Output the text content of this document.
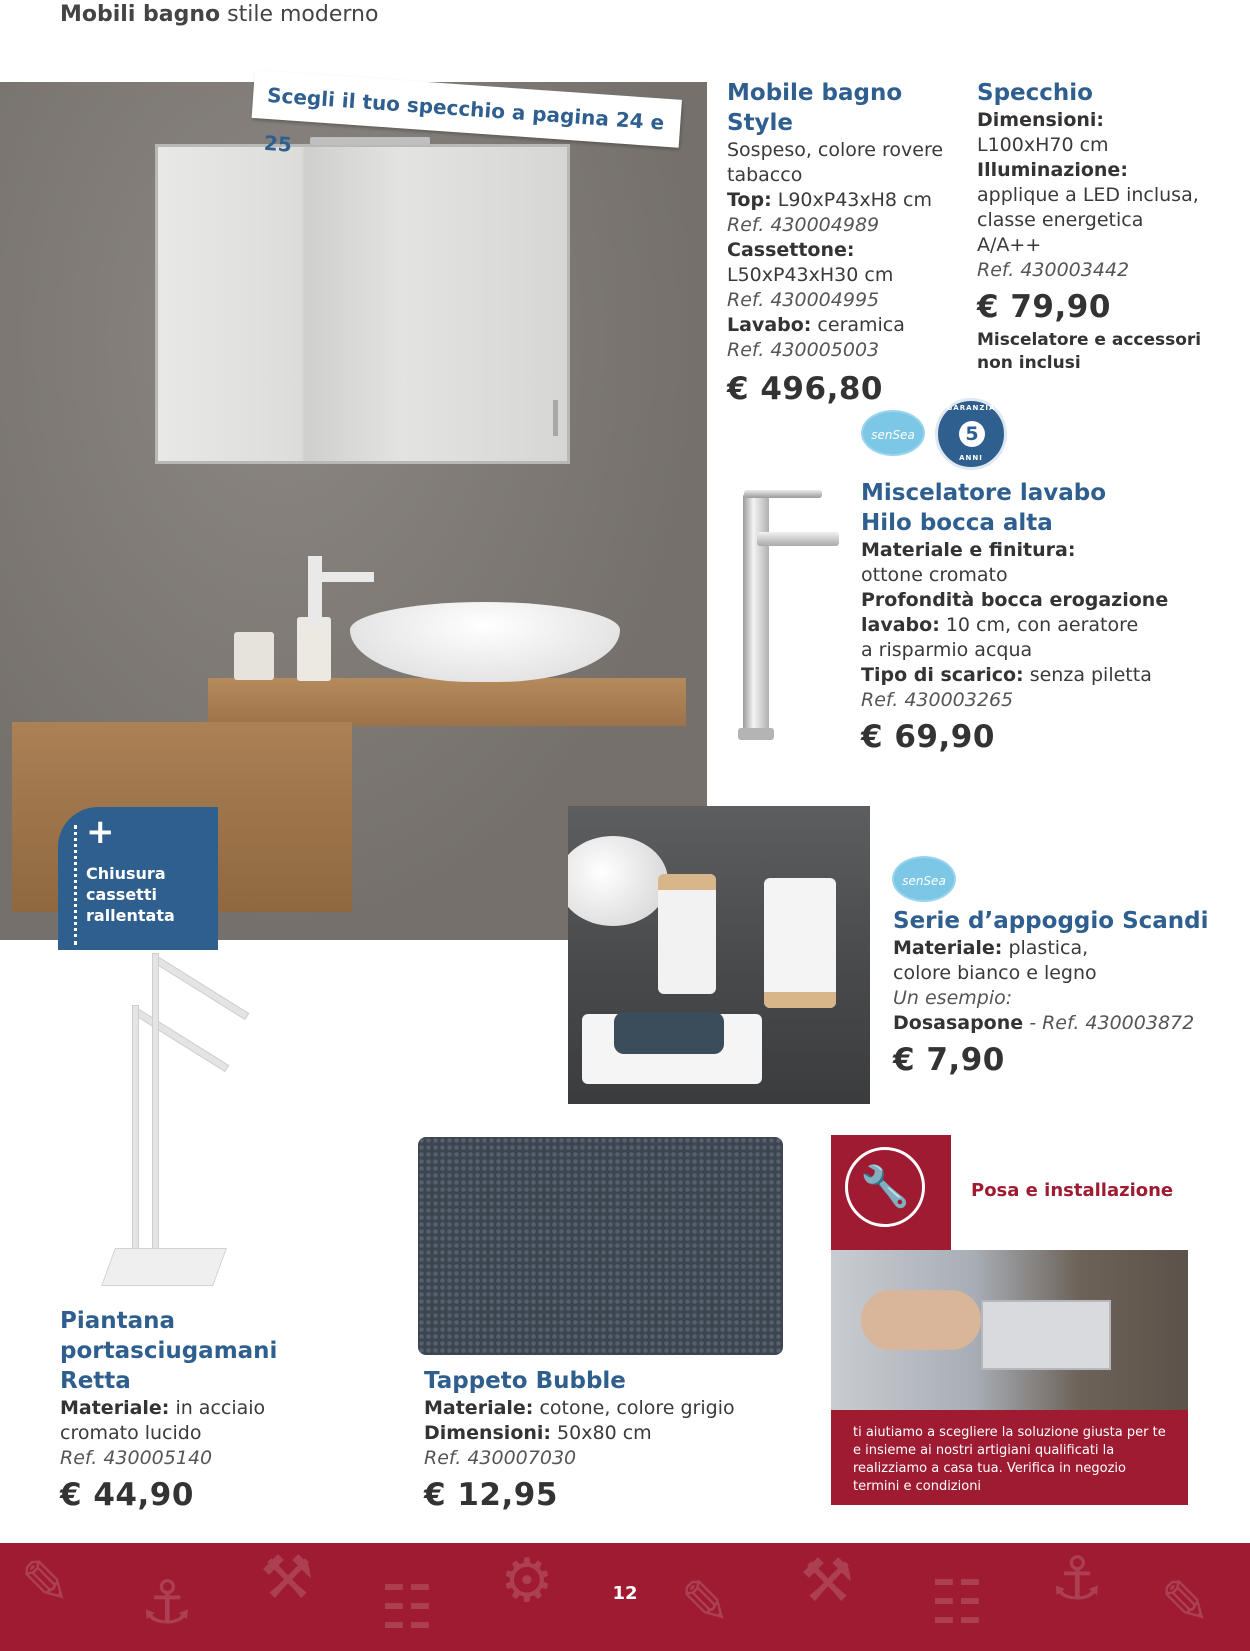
Mobili bagno stile moderno
Scegli il tuo specchio a pagina 24 e 25
+
Chiusura
cassetti
rallentata
Mobile bagno Style
Sospeso, colore rovere tabacco
Top: L90xP43xH8 cm
Ref. 430004989
Cassettone:
L50xP43xH30 cm
Ref. 430004995
Lavabo: ceramica
Ref. 430005003
€ 496,80
Specchio
Dimensioni:
L100xH70 cm
Illuminazione:
applique a LED inclusa, classe energetica A/A++
Ref. 430003442
€ 79,90
Miscelatore e accessori non inclusi
senSea
GARANZIA
5
ANNI
Miscelatore lavabo
Hilo bocca alta
Materiale e finitura:
ottone cromato
Profondità bocca erogazione
lavabo: 10 cm, con aeratore
a risparmio acqua
Tipo di scarico: senza piletta
Ref. 430003265
€ 69,90
senSea
Serie d’appoggio Scandi
Materiale: plastica,
colore bianco e legno
Un esempio:
Dosasapone - Ref. 430003872
€ 7,90
Piantana
portasciugamani
Retta
Materiale: in acciaio
cromato lucido
Ref. 430005140
€ 44,90
Tappeto Bubble
Materiale: cotone, colore grigio
Dimensioni: 50x80 cm
Ref. 430007030
€ 12,95
🔧	Posa e installazione
ti aiutiamo a scegliere la soluzione giusta per te e insieme ai nostri artigiani qualificati la realizziamo a casa tua. Verifica in negozio termini e condizioni
✎ ⚓ ⚒ ☷ ⚙ ✎ ⚒ ☷ ⚓ ✎
12
